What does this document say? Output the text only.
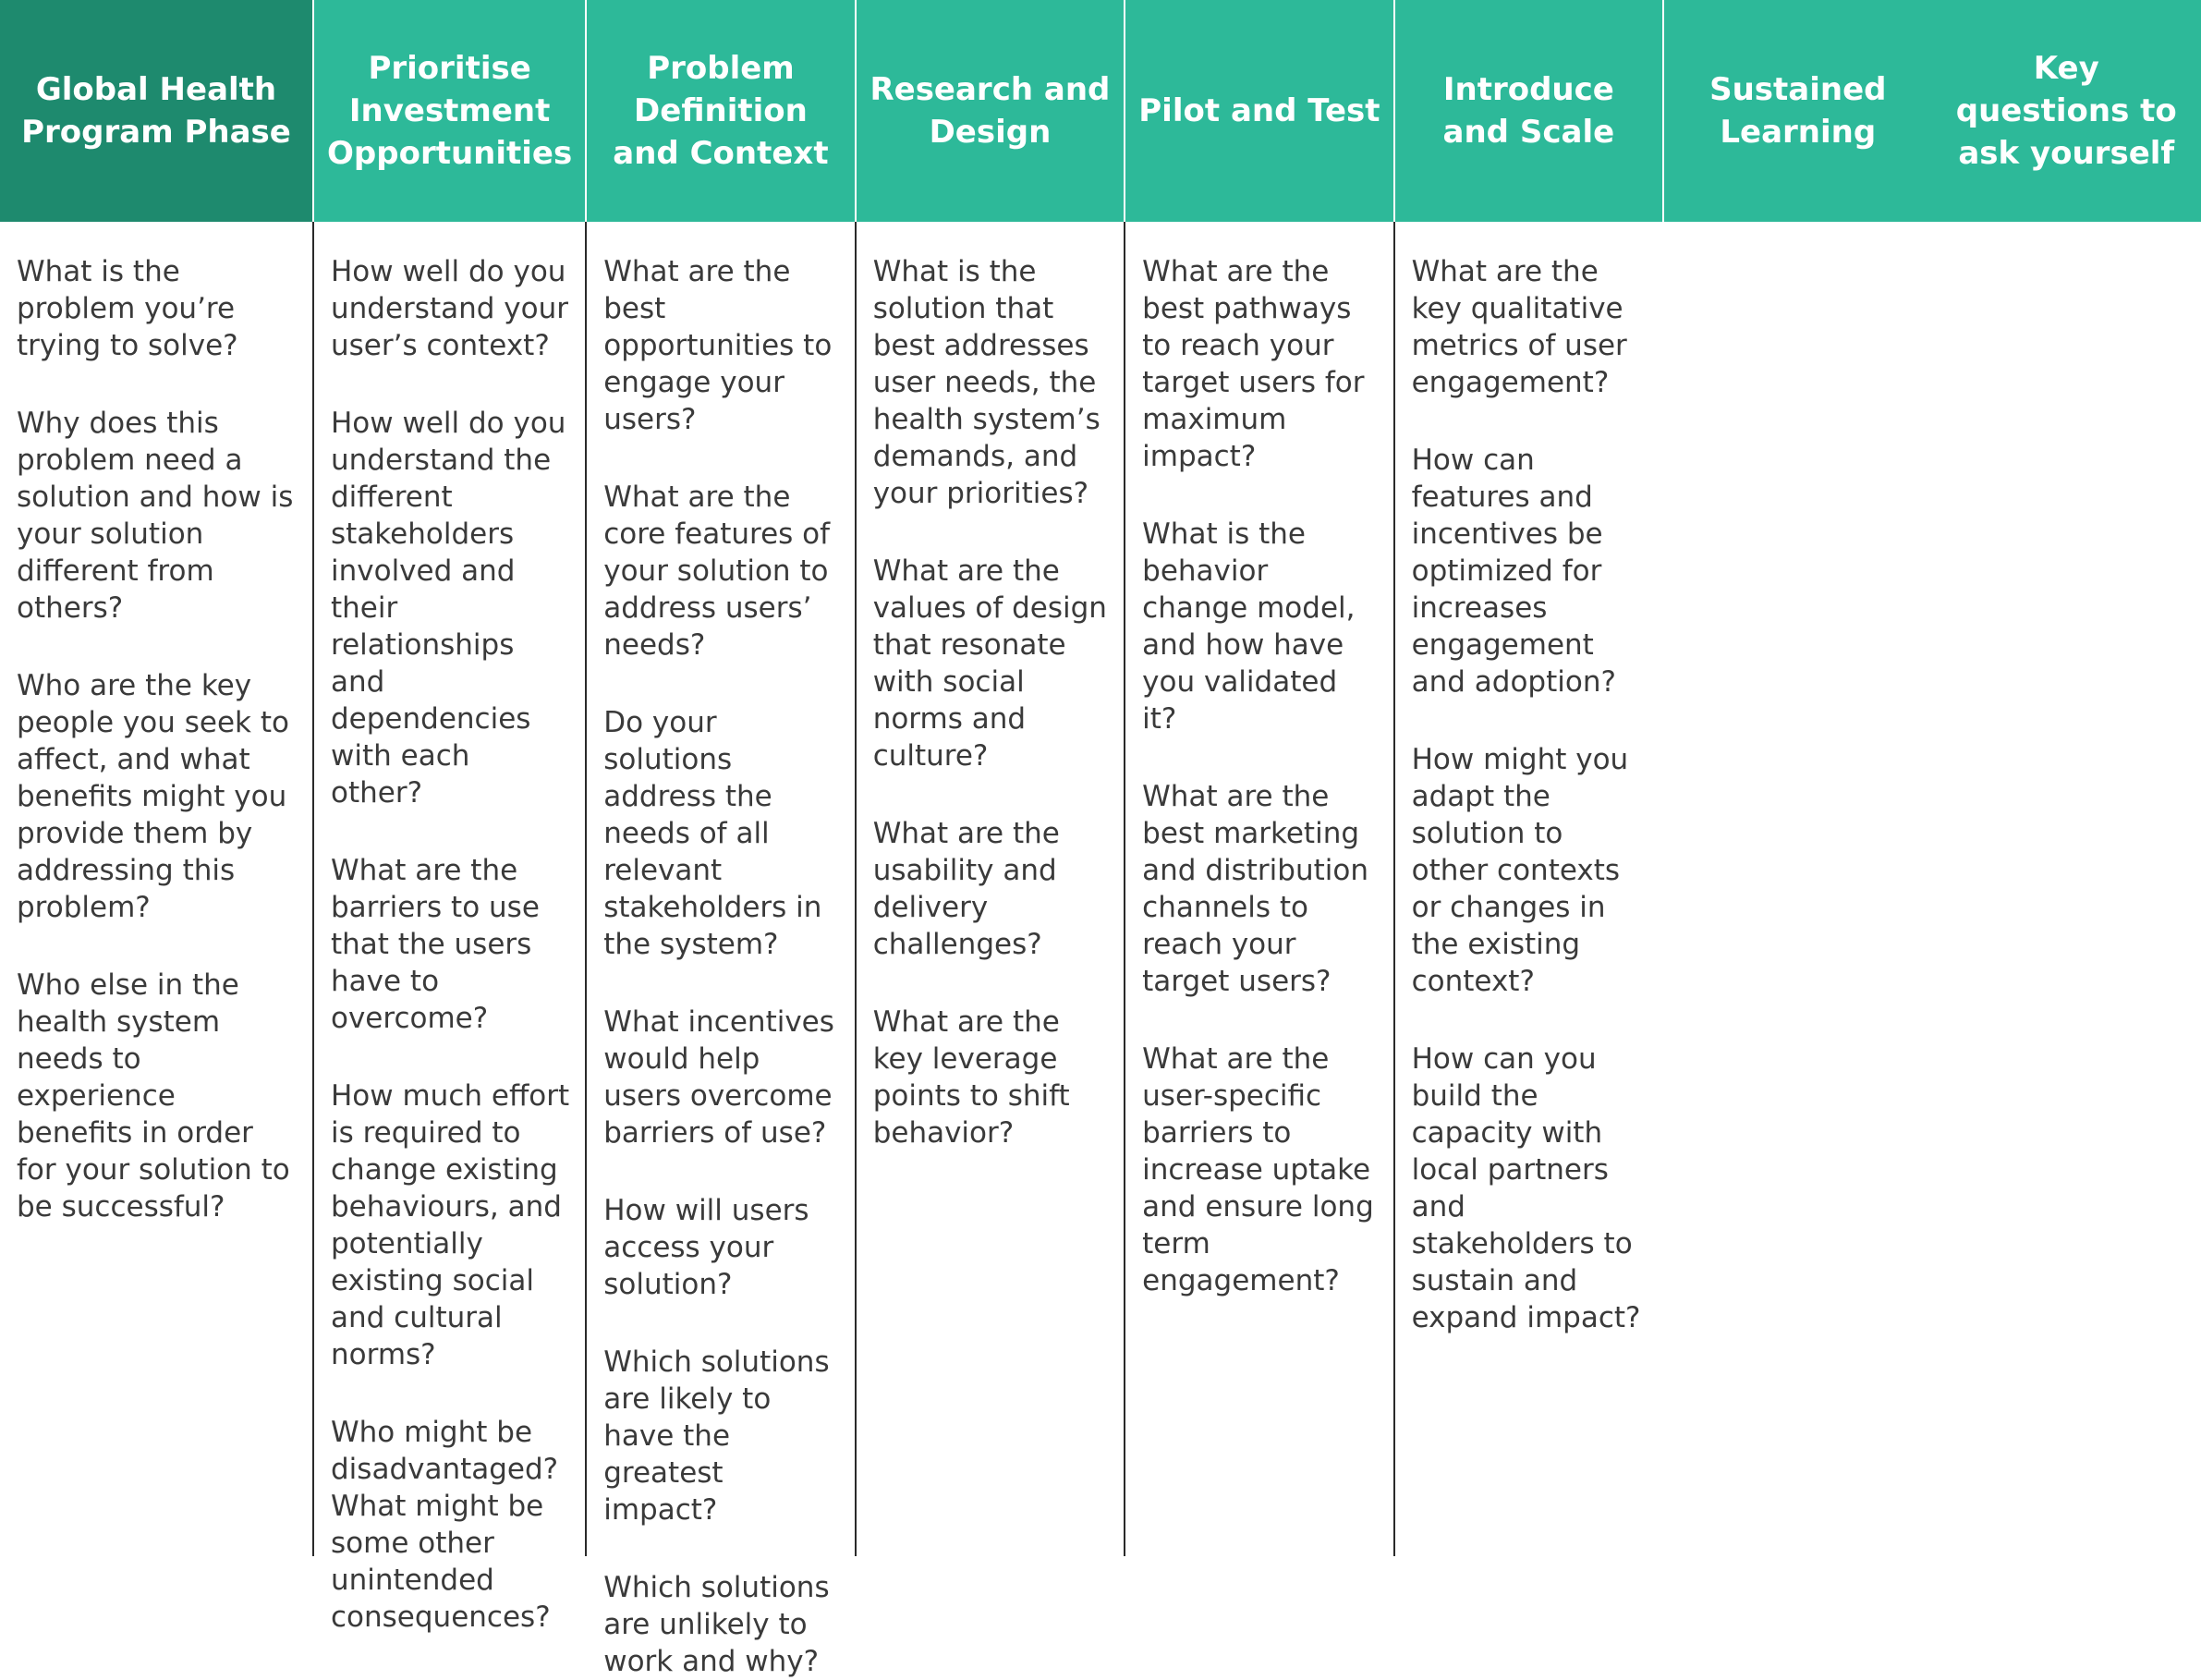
Global Health Program Phase
Prioritise Investment Opportunities
Problem Definition and Context
Research and Design
Pilot and Test
Introduce and Scale
Sustained Learning
Key questions to ask yourself

What is the problem you’re trying to solve?

Why does this problem need a solution and how is your solution different from others?

Who are the key people you seek to affect, and what benefits might you provide them by addressing this problem?

Who else in the health system needs to experience benefits in order for your solution to be successful?

How well do you understand your user’s context?

How well do you understand the different stakeholders involved and their relationships and dependencies with each other?

What are the barriers to use that the users have to overcome?

How much effort is required to change existing behaviours, and potentially existing social and cultural norms?

Who might be disadvantaged? What might be some other unintended consequences?

What are the best opportunities to engage your users?

What are the core features of your solution to address users’ needs?

Do your solutions address the needs of all relevant stakeholders in the system?

What incentives would help users overcome barriers of use?

How will users access your solution?

Which solutions are likely to have the greatest impact?

Which solutions are unlikely to work and why?

What is the solution that best addresses user needs, the health system’s demands, and your priorities?

What are the values of design that resonate with social norms and culture?

What are the usability and delivery challenges?

What are the key leverage points to shift behavior?

What are the best pathways to reach your target users for maximum impact?

What is the behavior change model, and how have you validated it?

What are the best marketing and distribution channels to reach your target users?

What are the user-specific barriers to increase uptake and ensure long term engagement?

What are the key qualitative metrics of user engagement?

How can features and incentives be optimized for increases engagement and adoption?

How might you adapt the solution to other contexts or changes in the existing context?

How can you build the capacity with local partners and stakeholders to sustain and expand impact?
